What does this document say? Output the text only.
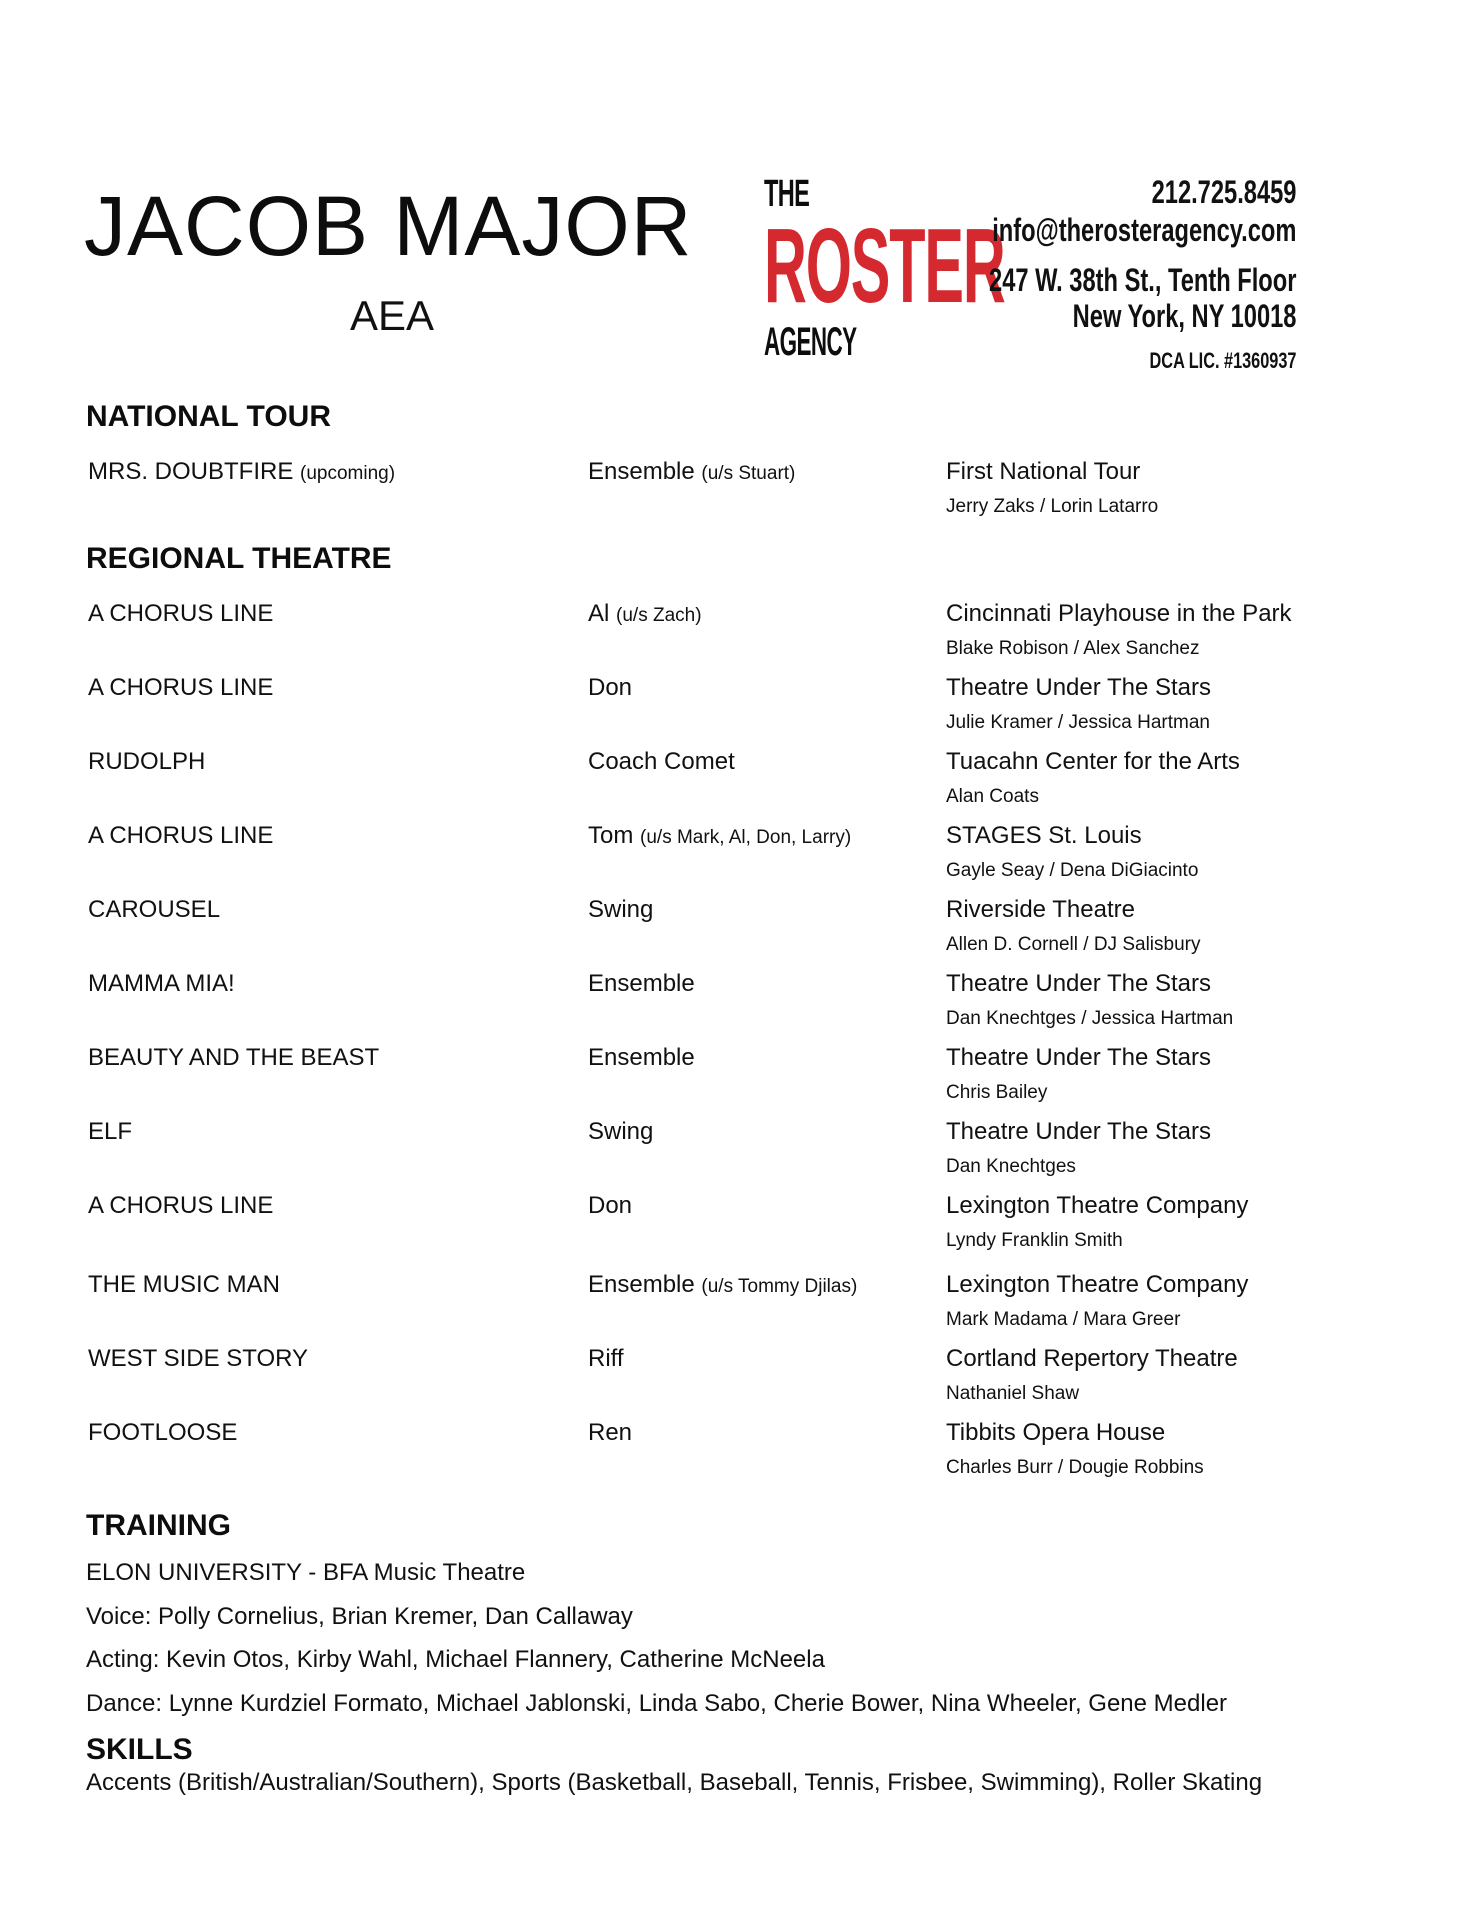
JACOB MAJOR
AEA
THE
ROSTER
AGENCY
212.725.8459
info@therosteragency.com
247 W. 38th St., Tenth Floor
New York, NY 10018
DCA LIC. #1360937
NATIONAL TOUR
MRS. DOUBTFIRE (upcoming)	Ensemble (u/s Stuart)	First National Tour
Jerry Zaks / Lorin Latarro
REGIONAL THEATRE
A CHORUS LINE	Al (u/s Zach)	Cincinnati Playhouse in the Park
Blake Robison / Alex Sanchez
A CHORUS LINE	Don	Theatre Under The Stars
Julie Kramer / Jessica Hartman
RUDOLPH	Coach Comet	Tuacahn Center for the Arts
Alan Coats
A CHORUS LINE	Tom (u/s Mark, Al, Don, Larry)	STAGES St. Louis
Gayle Seay / Dena DiGiacinto
CAROUSEL	Swing	Riverside Theatre
Allen D. Cornell / DJ Salisbury
MAMMA MIA!	Ensemble	Theatre Under The Stars
Dan Knechtges / Jessica Hartman
BEAUTY AND THE BEAST	Ensemble	Theatre Under The Stars
Chris Bailey
ELF	Swing	Theatre Under The Stars
Dan Knechtges
A CHORUS LINE	Don	Lexington Theatre Company
Lyndy Franklin Smith
THE MUSIC MAN	Ensemble (u/s Tommy Djilas)	Lexington Theatre Company
Mark Madama / Mara Greer
WEST SIDE STORY	Riff	Cortland Repertory Theatre
Nathaniel Shaw
FOOTLOOSE	Ren	Tibbits Opera House
Charles Burr / Dougie Robbins
TRAINING
ELON UNIVERSITY - BFA Music Theatre
Voice: Polly Cornelius, Brian Kremer, Dan Callaway
Acting: Kevin Otos, Kirby Wahl, Michael Flannery, Catherine McNeela
Dance: Lynne Kurdziel Formato, Michael Jablonski, Linda Sabo, Cherie Bower, Nina Wheeler, Gene Medler
SKILLS
Accents (British/Australian/Southern), Sports (Basketball, Baseball, Tennis, Frisbee, Swimming), Roller Skating
